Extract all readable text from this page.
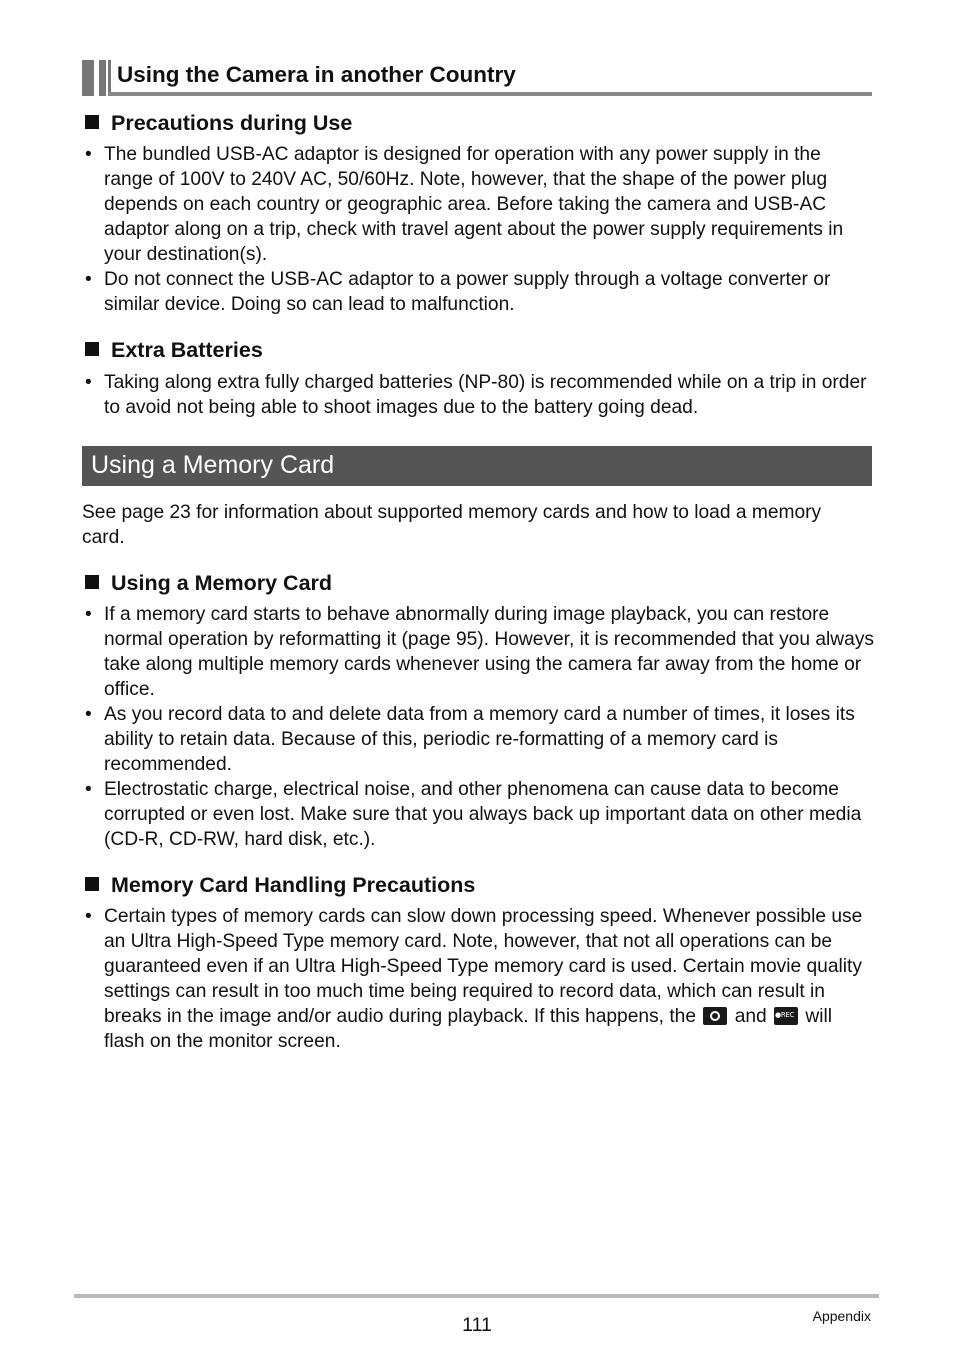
Using the Camera in another Country
Precautions during Use
• The bundled USB-AC adaptor is designed for operation with any power supply in the range of 100V to 240V AC, 50/60Hz. Note, however, that the shape of the power plug depends on each country or geographic area. Before taking the camera and USB-AC adaptor along on a trip, check with travel agent about the power supply requirements in your destination(s).
• Do not connect the USB-AC adaptor to a power supply through a voltage converter or similar device. Doing so can lead to malfunction.
Extra Batteries
• Taking along extra fully charged batteries (NP-80) is recommended while on a trip in order to avoid not being able to shoot images due to the battery going dead.
Using a Memory Card
See page 23 for information about supported memory cards and how to load a memory card.
Using a Memory Card
• If a memory card starts to behave abnormally during image playback, you can restore normal operation by reformatting it (page 95). However, it is recommended that you always take along multiple memory cards whenever using the camera far away from the home or office.
• As you record data to and delete data from a memory card a number of times, it loses its ability to retain data. Because of this, periodic re-formatting of a memory card is recommended.
• Electrostatic charge, electrical noise, and other phenomena can cause data to become corrupted or even lost. Make sure that you always back up important data on other media (CD-R, CD-RW, hard disk, etc.).
Memory Card Handling Precautions
• Certain types of memory cards can slow down processing speed. Whenever possible use an Ultra High-Speed Type memory card. Note, however, that not all operations can be guaranteed even if an Ultra High-Speed Type memory card is used. Certain movie quality settings can result in too much time being required to record data, which can result in breaks in the image and/or audio during playback. If this happens, the and ●REC will flash on the monitor screen.
111	Appendix
